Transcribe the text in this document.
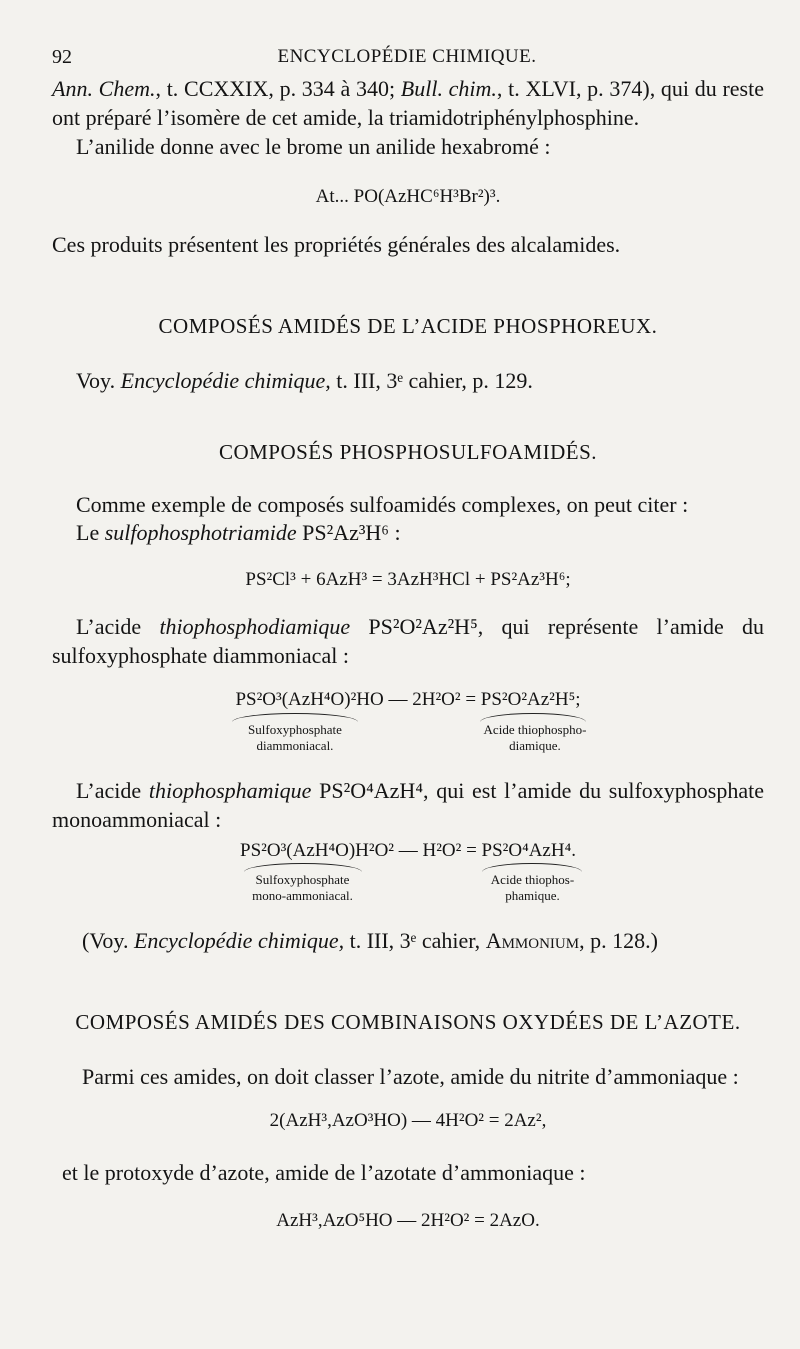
92	ENCYCLOPÉDIE CHIMIQUE.
Ann. Chem., t. CCXXIX, p. 334 à 340; Bull. chim., t. XLVI, p. 374), qui du reste ont préparé l’isomère de cet amide, la triamidotriphénylphosphine.
L’anilide donne avec le brome un anilide hexabromé :
At... PO(AzHC⁶H³Br²)³.
Ces produits présentent les propriétés générales des alcalamides.
COMPOSÉS AMIDÉS DE L’ACIDE PHOSPHOREUX.
Voy. Encyclopédie chimique, t. III, 3ᵉ cahier, p. 129.
COMPOSÉS PHOSPHOSULFOAMIDÉS.
Comme exemple de composés sulfoamidés complexes, on peut citer :
Le sulfophosphotriamide PS²Az³H⁶ :
PS²Cl³ + 6AzH³ = 3AzH³HCl + PS²Az³H⁶;
L’acide thiophosphodiamique PS²O²Az²H⁵, qui représente l’amide du sulfoxyphosphate diammoniacal :
PS²O³(AzH⁴O)²HO — 2H²O² = PS²O²Az²H⁵;
Sulfoxyphosphate
diammoniacal.
Acide thiophospho-
diamique.
L’acide thiophosphamique PS²O⁴AzH⁴, qui est l’amide du sulfoxyphosphate monoammoniacal :
PS²O³(AzH⁴O)H²O² — H²O² = PS²O⁴AzH⁴.
Sulfoxyphosphate
mono-ammoniacal.
Acide thiophos-
phamique.
(Voy. Encyclopédie chimique, t. III, 3ᵉ cahier, Ammonium, p. 128.)
COMPOSÉS AMIDÉS DES COMBINAISONS OXYDÉES DE L’AZOTE.
Parmi ces amides, on doit classer l’azote, amide du nitrite d’ammoniaque :
2(AzH³,AzO³HO) — 4H²O² = 2Az²,
et le protoxyde d’azote, amide de l’azotate d’ammoniaque :
AzH³,AzO⁵HO — 2H²O² = 2AzO.
